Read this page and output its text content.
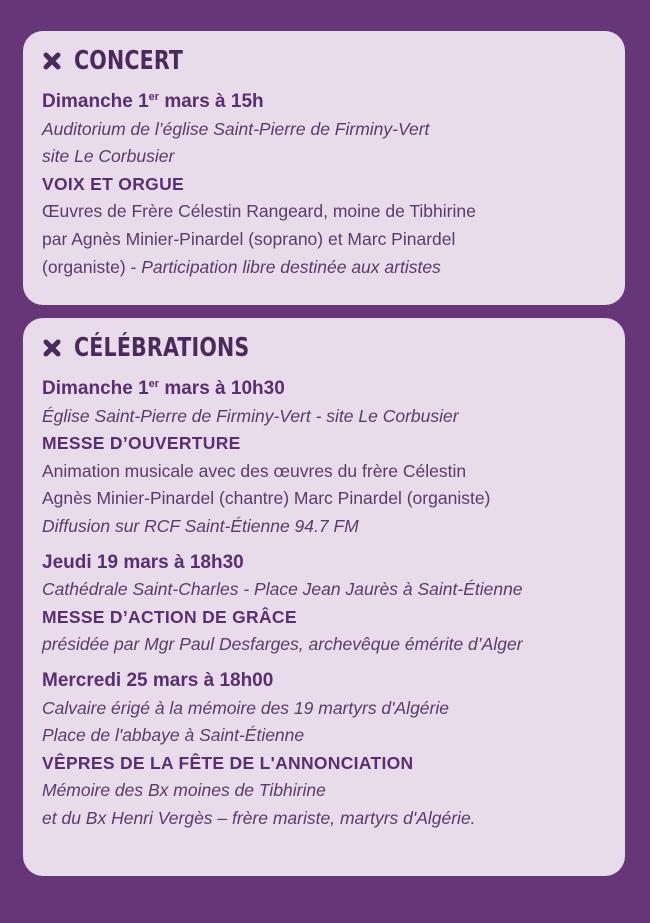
CONCERT
Dimanche 1er mars à 15h
Auditorium de l’église Saint-Pierre de Firminy-Vert
site Le Corbusier
VOIX ET ORGUE
Œuvres de Frère Célestin Rangeard, moine de Tibhirine
par Agnès Minier-Pinardel (soprano) et Marc Pinardel
(organiste) - Participation libre destinée aux artistes
CÉLÉBRATIONS
Dimanche 1er mars à 10h30
Église Saint-Pierre de Firminy-Vert - site Le Corbusier
MESSE D’OUVERTURE
Animation musicale avec des œuvres du frère Célestin
Agnès Minier-Pinardel (chantre) Marc Pinardel (organiste)
Diffusion sur RCF Saint-Étienne 94.7 FM
Jeudi 19 mars à 18h30
Cathédrale Saint-Charles - Place Jean Jaurès à Saint-Étienne
MESSE D’ACTION DE GRÂCE
présidée par Mgr Paul Desfarges, archevêque émérite d’Alger
Mercredi 25 mars à 18h00
Calvaire érigé à la mémoire des 19 martyrs d'Algérie
Place de l'abbaye à Saint-Étienne
VÊPRES DE LA FÊTE DE L'ANNONCIATION
Mémoire des Bx moines de Tibhirine
et du Bx Henri Vergès – frère mariste, martyrs d'Algérie.
